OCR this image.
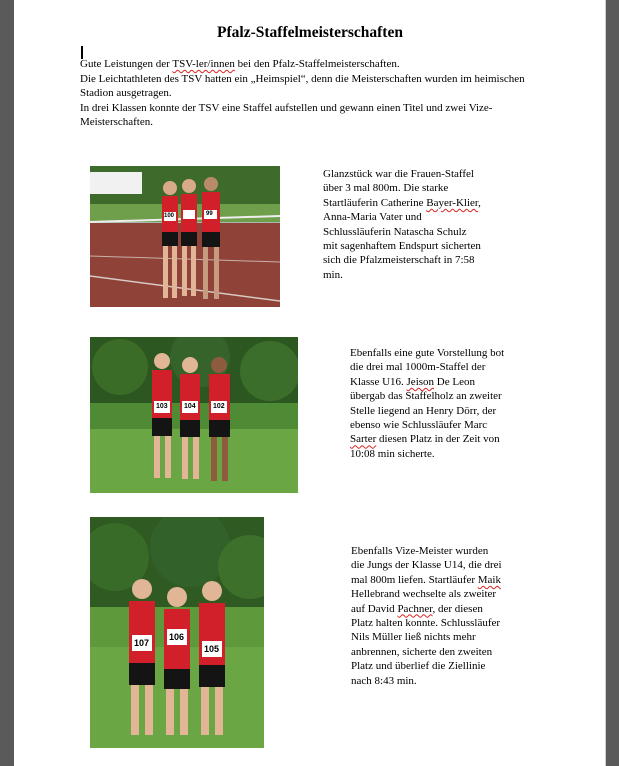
Pfalz-Staffelmeisterschaften

Gute Leistungen der TSV-ler/innen bei den Pfalz-Staffelmeisterschaften.

Die Leichtathleten des TSV hatten ein „Heimspiel“, denn die Meisterschaften wurden im heimischen Stadion ausgetragen.

In drei Klassen konnte der TSV eine Staffel aufstellen und gewann einen Titel und zwei Vize-Meisterschaften.

100	99

Glanzstück war die Frauen-Staffel

über 3 mal 800m. Die starke

Startläuferin Catherine Bayer-Klier,

Anna-Maria Vater und

Schlussläuferin Natascha Schulz

mit sagenhaftem Endspurt sicherten

sich die Pfalzmeisterschaft in 7:58

min.

103 104 102

Ebenfalls eine gute Vorstellung bot

die drei mal 1000m-Staffel der

Klasse U16. Jeison De Leon

übergab das Staffelholz an zweiter

Stelle liegend an Henry Dörr, der

ebenso wie Schlussläufer Marc

Sarter diesen Platz in der Zeit von

10:08 min sicherte.

107
106
105

Ebenfalls Vize-Meister wurden

die Jungs der Klasse U14, die drei

mal 800m liefen. Startläufer Maik

Hellebrand wechselte als zweiter

auf David Pachner, der diesen

Platz halten konnte. Schlussläufer

Nils Müller ließ nichts mehr

anbrennen, sicherte den zweiten

Platz und überlief die Ziellinie

nach 8:43 min.
